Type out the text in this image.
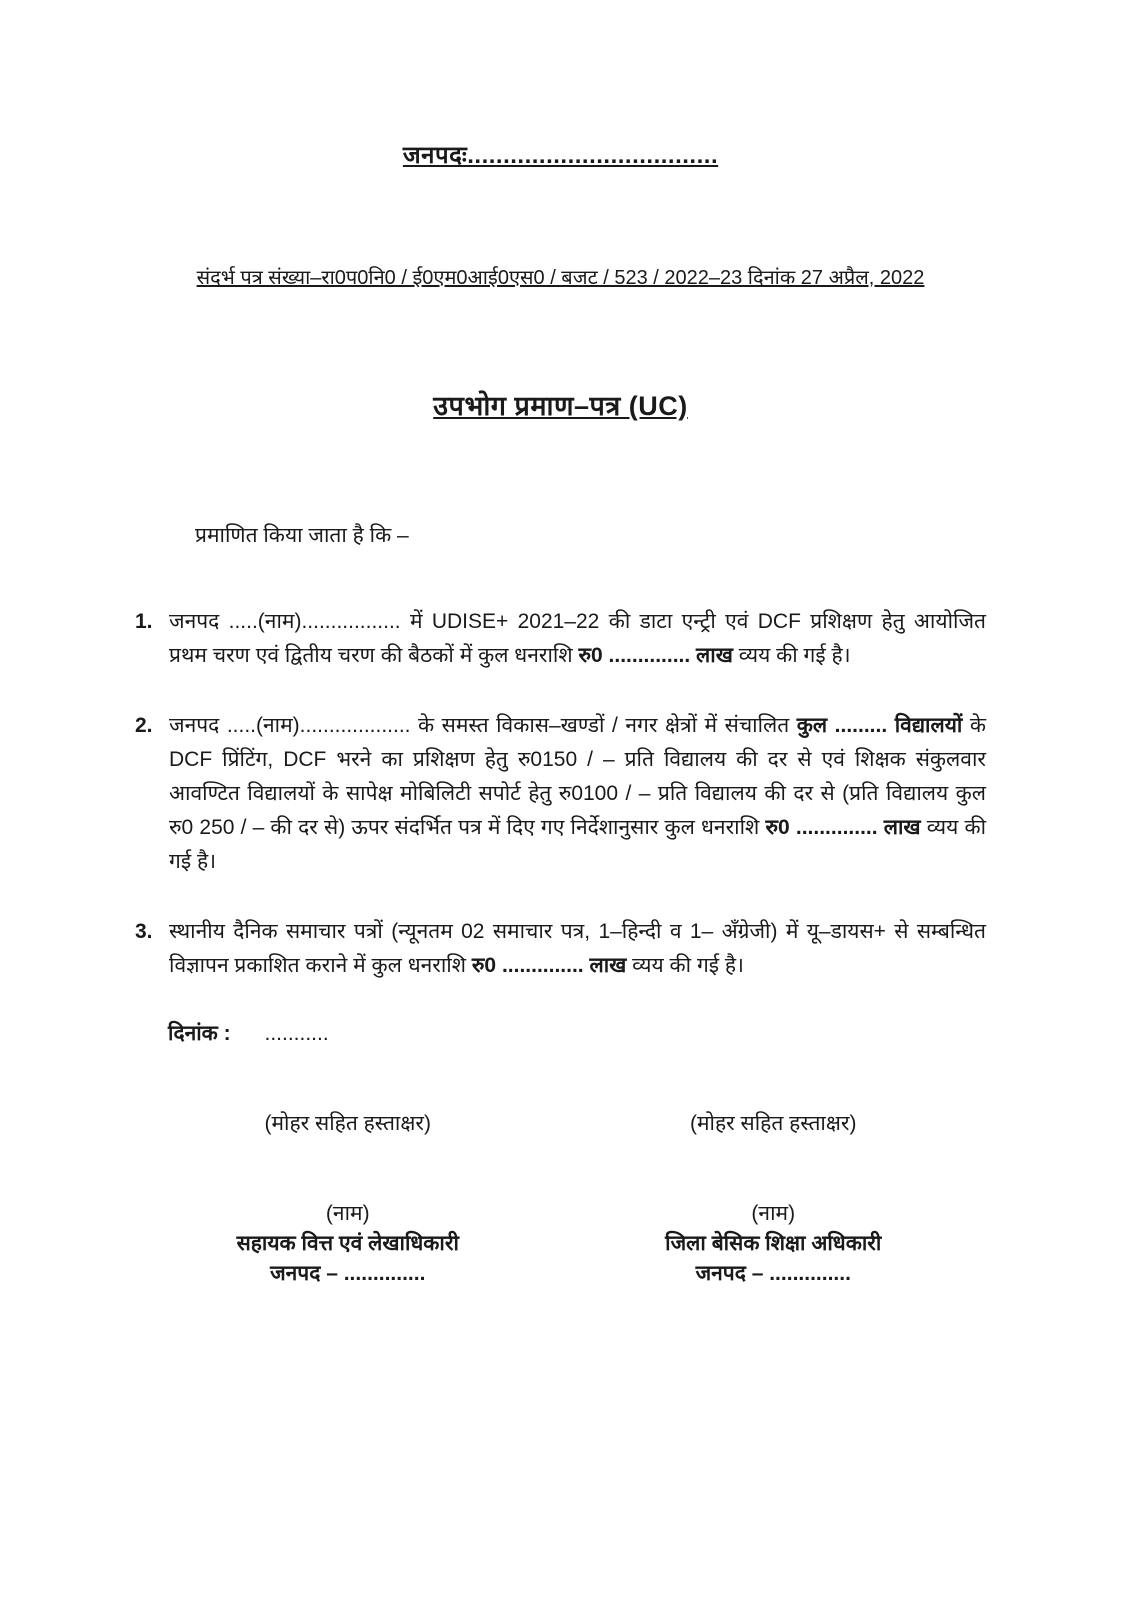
जनपदः...................................
संदर्भ पत्र संख्या–रा0प0नि0 / ई0एम0आई0एस0 / बजट / 523 / 2022–23 दिनांक 27 अप्रैल, 2022
उपभोग प्रमाण–पत्र (UC)
प्रमाणित किया जाता है कि –
1. जनपद .....(नाम)................. में UDISE+ 2021–22 की डाटा एन्ट्री एवं DCF प्रशिक्षण हेतु आयोजित प्रथम चरण एवं द्वितीय चरण की बैठकों में कुल धनराशि रु0 .............. लाख व्यय की गई है।
2. जनपद .....(नाम)................... के समस्त विकास–खण्डों / नगर क्षेत्रों में संचालित कुल ......... विद्यालयों के DCF प्रिंटिंग, DCF भरने का प्रशिक्षण हेतु रु0150 / – प्रति विद्यालय की दर से एवं शिक्षक संकुलवार आवण्टित विद्यालयों के सापेक्ष मोबिलिटी सपोर्ट हेतु रु0100 / – प्रति विद्यालय की दर से (प्रति विद्यालय कुल रु0 250 / – की दर से) ऊपर संदर्भित पत्र में दिए गए निर्देशानुसार कुल धनराशि रु0 .............. लाख व्यय की गई है।
3. स्थानीय दैनिक समाचार पत्रों (न्यूनतम 02 समाचार पत्र, 1–हिन्दी व 1– अँग्रेजी) में यू–डायस+ से सम्बन्धित विज्ञापन प्रकाशित कराने में कुल धनराशि रु0 .............. लाख व्यय की गई है।
दिनांक : ...........
(मोहर सहित हस्ताक्षर)	(मोहर सहित हस्ताक्षर)
(नाम)
सहायक वित्त एवं लेखाधिकारी
जनपद – ..............
(नाम)
जिला बेसिक शिक्षा अधिकारी
जनपद – ..............
